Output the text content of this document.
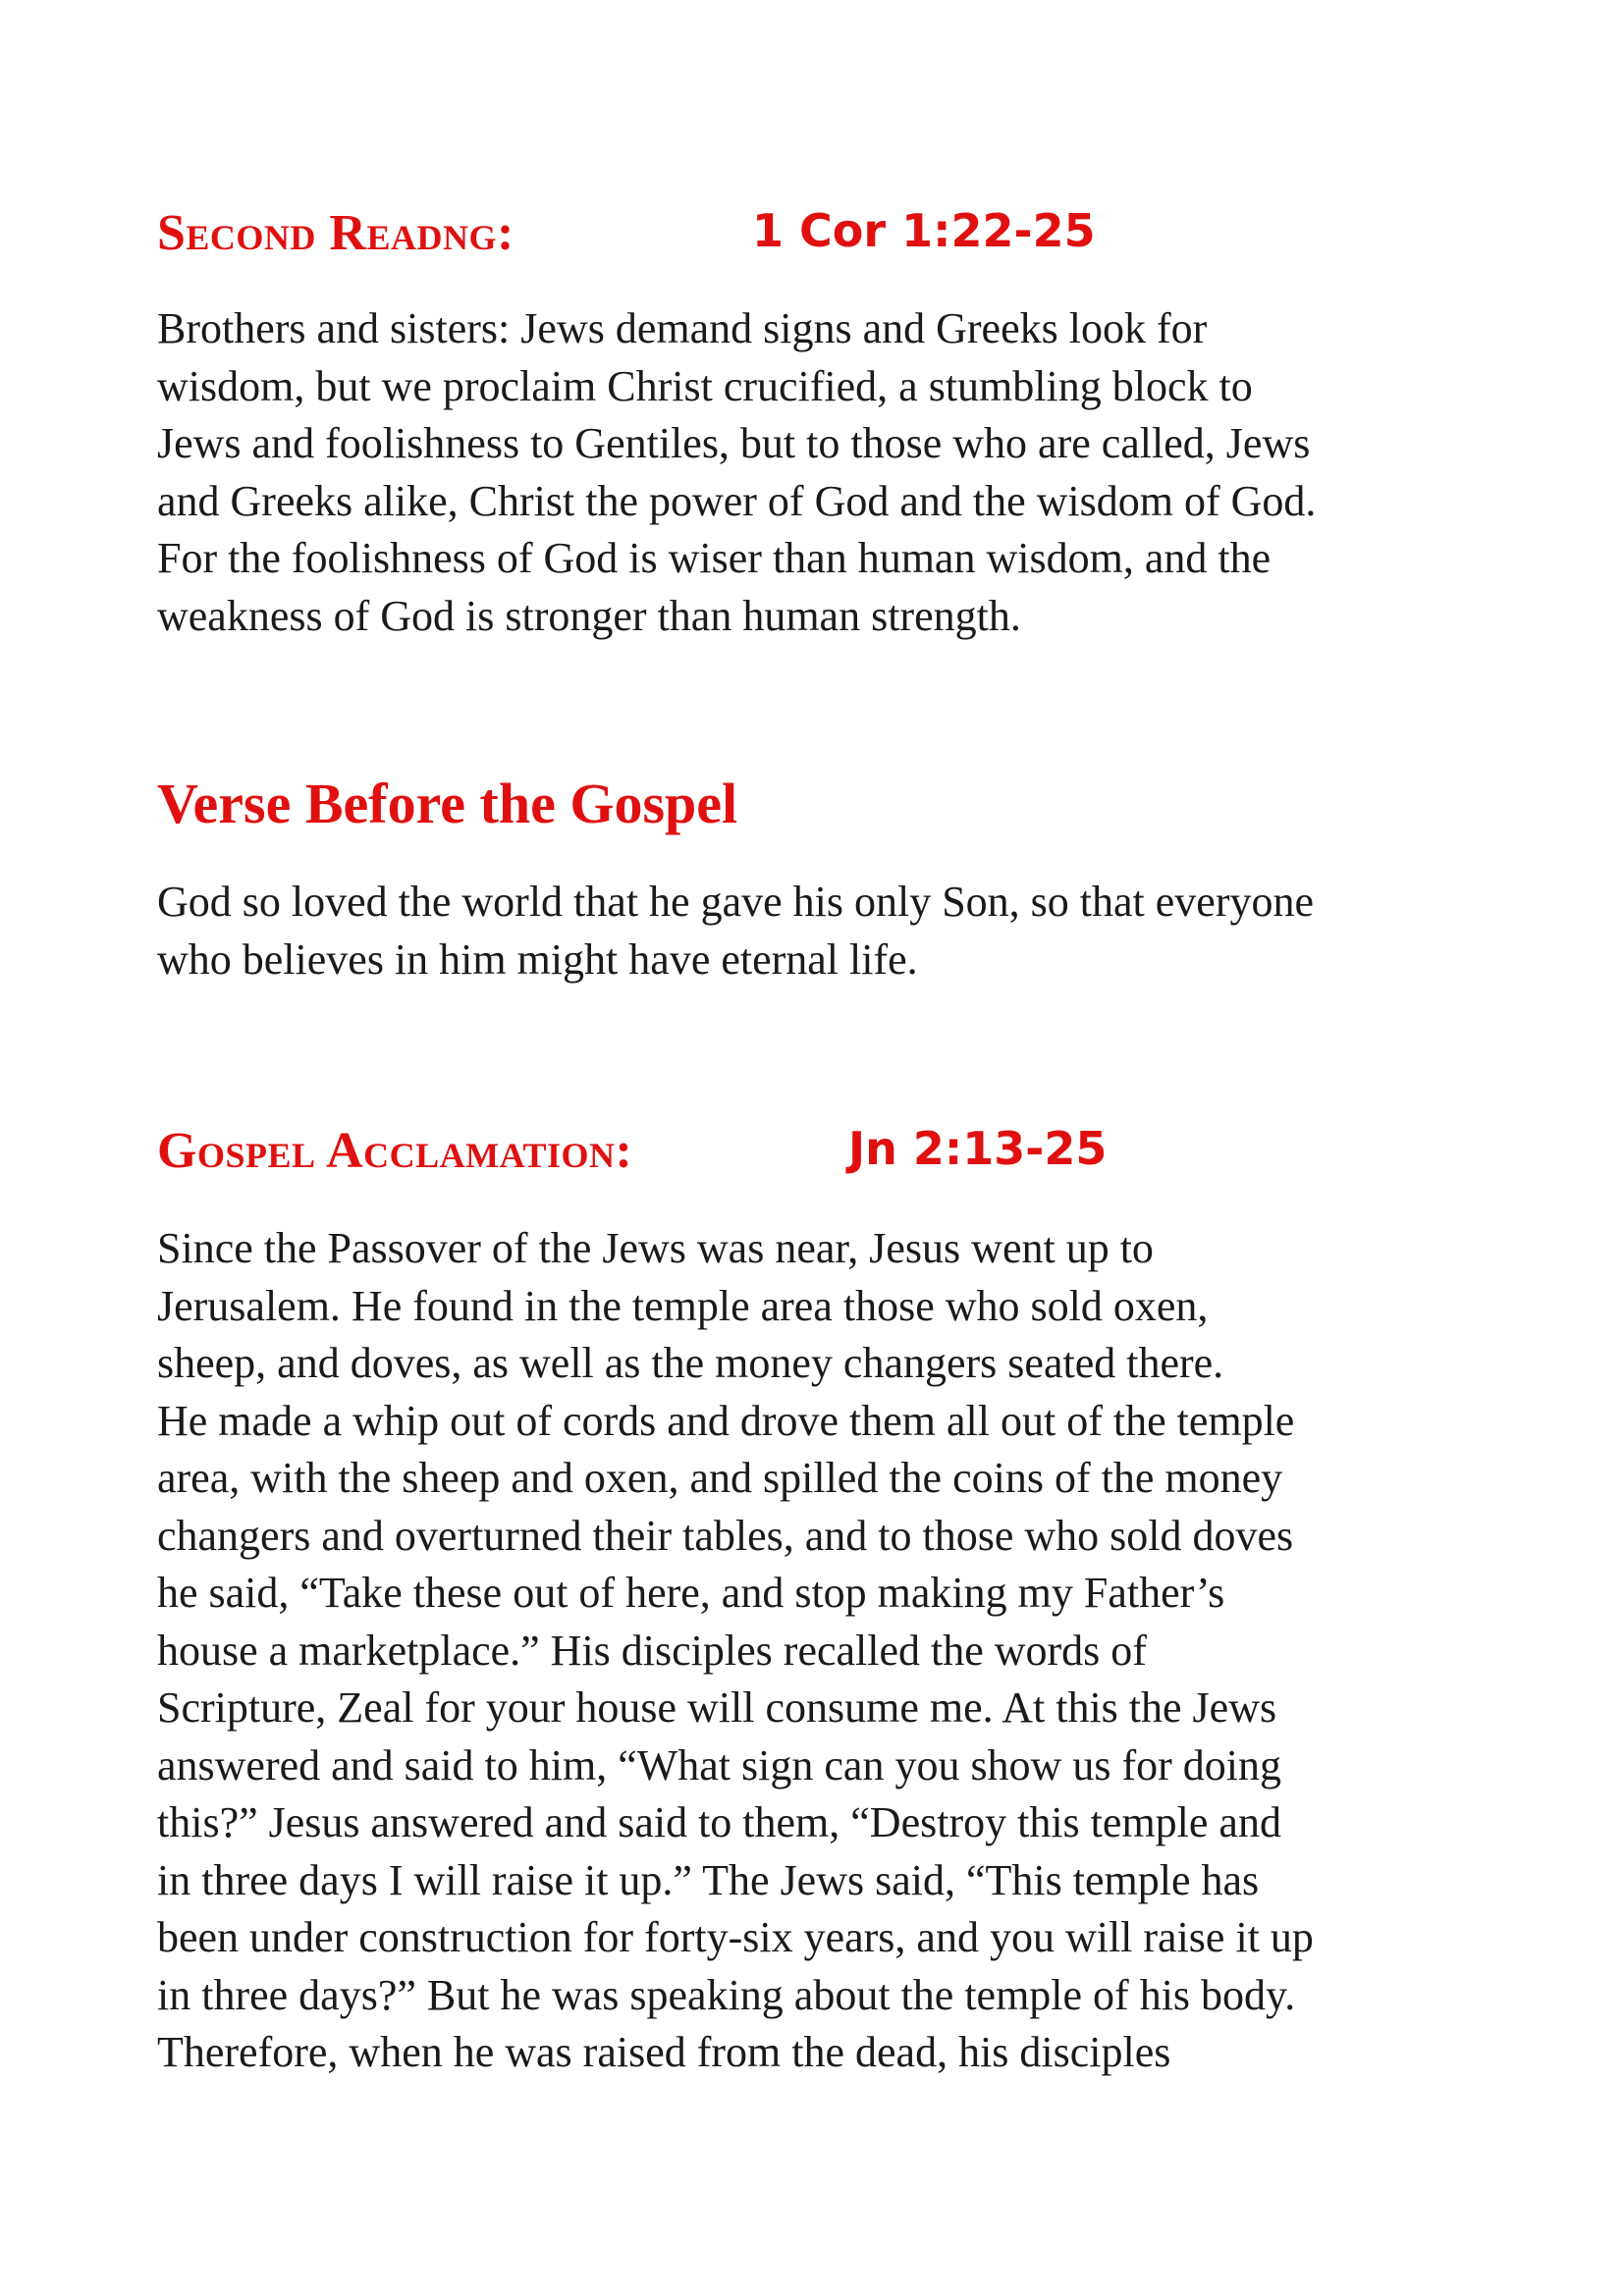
Second Readng:	1 Cor 1:22-25
Brothers and sisters: Jews demand signs and Greeks look for
wisdom, but we proclaim Christ crucified, a stumbling block to
Jews and foolishness to Gentiles, but to those who are called, Jews
and Greeks alike, Christ the power of God and the wisdom of God.
For the foolishness of God is wiser than human wisdom, and the
weakness of God is stronger than human strength.
Verse Before the Gospel
God so loved the world that he gave his only Son, so that everyone
who believes in him might have eternal life.
Gospel Acclamation:	Jn 2:13-25
Since the Passover of the Jews was near, Jesus went up to
Jerusalem. He found in the temple area those who sold oxen,
sheep, and doves, as well as the money changers seated there.
He made a whip out of cords and drove them all out of the temple
area, with the sheep and oxen, and spilled the coins of the money
changers and overturned their tables, and to those who sold doves
he said, “Take these out of here, and stop making my Father’s
house a marketplace.” His disciples recalled the words of
Scripture, Zeal for your house will consume me. At this the Jews
answered and said to him, “What sign can you show us for doing
this?” Jesus answered and said to them, “Destroy this temple and
in three days I will raise it up.” The Jews said, “This temple has
been under construction for forty-six years, and you will raise it up
in three days?” But he was speaking about the temple of his body.
Therefore, when he was raised from the dead, his disciples
